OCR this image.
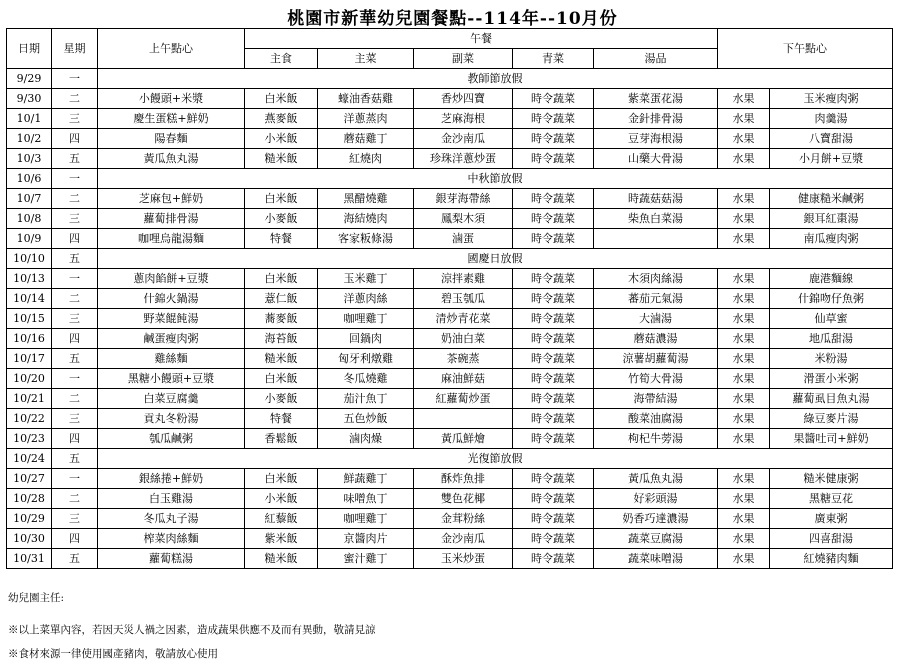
桃園市新華幼兒園餐點--114年--10月份
日期	星期	上午點心	午餐					下午點心	
			主食	主菜	副菜	青菜	湯品		
9/29	一	教師節放假							
9/30	二	小饅頭+米漿	白米飯	蠔油香菇雞	香炒四寶	時令蔬菜	紫菜蛋花湯	水果	玉米瘦肉粥
10/1	三	慶生蛋糕+鮮奶	燕麥飯	洋蔥蒸肉	芝麻海根	時令蔬菜	金針排骨湯	水果	肉羹湯
10/2	四	陽春麵	小米飯	蘑菇雞丁	金沙南瓜	時令蔬菜	豆芽海根湯	水果	八寶甜湯
10/3	五	黃瓜魚丸湯	糙米飯	紅燒肉	珍珠洋蔥炒蛋	時令蔬菜	山藥大骨湯	水果	小月餅+豆漿
10/6	一	中秋節放假							
10/7	二	芝麻包+鮮奶	白米飯	黑醋燒雞	銀芽海帶絲	時令蔬菜	時蔬菇菇湯	水果	健康糙米鹹粥
10/8	三	蘿蔔排骨湯	小麥飯	海結燒肉	鳳梨木須	時令蔬菜	柴魚白菜湯	水果	銀耳紅棗湯
10/9	四	咖哩烏龍湯麵	特餐	客家粄條湯	滷蛋	時令蔬菜		水果	南瓜瘦肉粥
10/10	五	國慶日放假							
10/13	一	蔥肉餡餅+豆漿	白米飯	玉米雞丁	涼拌素雞	時令蔬菜	木須肉絲湯	水果	鹿港麵線
10/14	二	什錦火鍋湯	薏仁飯	洋蔥肉絲	碧玉瓠瓜	時令蔬菜	蕃茄元氣湯	水果	什錦吻仔魚粥
10/15	三	野菜餛飩湯	蕎麥飯	咖哩雞丁	清炒青花菜	時令蔬菜	大滷湯	水果	仙草蜜
10/16	四	鹹蛋瘦肉粥	海苔飯	回鍋肉	奶油白菜	時令蔬菜	蘑菇濃湯	水果	地瓜甜湯
10/17	五	雞絲麵	糙米飯	匈牙利燉雞	茶碗蒸	時令蔬菜	涼薯胡蘿蔔湯	水果	米粉湯
10/20	一	黑糖小饅頭+豆漿	白米飯	冬瓜燒雞	麻油鮮菇	時令蔬菜	竹筍大骨湯	水果	滑蛋小米粥
10/21	二	白菜豆腐羹	小麥飯	茄汁魚丁	紅蘿蔔炒蛋	時令蔬菜	海帶結湯	水果	蘿蔔虱目魚丸湯
10/22	三	貢丸冬粉湯	特餐	五色炒飯		時令蔬菜	酸菜油腐湯	水果	綠豆麥片湯
10/23	四	瓠瓜鹹粥	香鬆飯	滷肉燥	黃瓜鮮燴	時令蔬菜	枸杞牛蒡湯	水果	果醬吐司+鮮奶
10/24	五	光復節放假							
10/27	一	銀絲捲+鮮奶	白米飯	鮮蔬雞丁	酥炸魚排	時令蔬菜	黃瓜魚丸湯	水果	糙米健康粥
10/28	二	白玉雞湯	小米飯	味噌魚丁	雙色花椰	時令蔬菜	好彩頭湯	水果	黑糖豆花
10/29	三	冬瓜丸子湯	紅藜飯	咖哩雞丁	金茸粉絲	時令蔬菜	奶香巧達濃湯	水果	廣東粥
10/30	四	榨菜肉絲麵	紫米飯	京醬肉片	金沙南瓜	時令蔬菜	蔬菜豆腐湯	水果	四喜甜湯
10/31	五	蘿蔔糕湯	糙米飯	蜜汁雞丁	玉米炒蛋	時令蔬菜	蔬菜味噌湯	水果	紅燒豬肉麵
幼兒園主任:
※以上菜單內容，若因天災人禍之因素，造成蔬果供應不及而有異動，敬請見諒
※食材來源一律使用國產豬肉，敬請放心使用
